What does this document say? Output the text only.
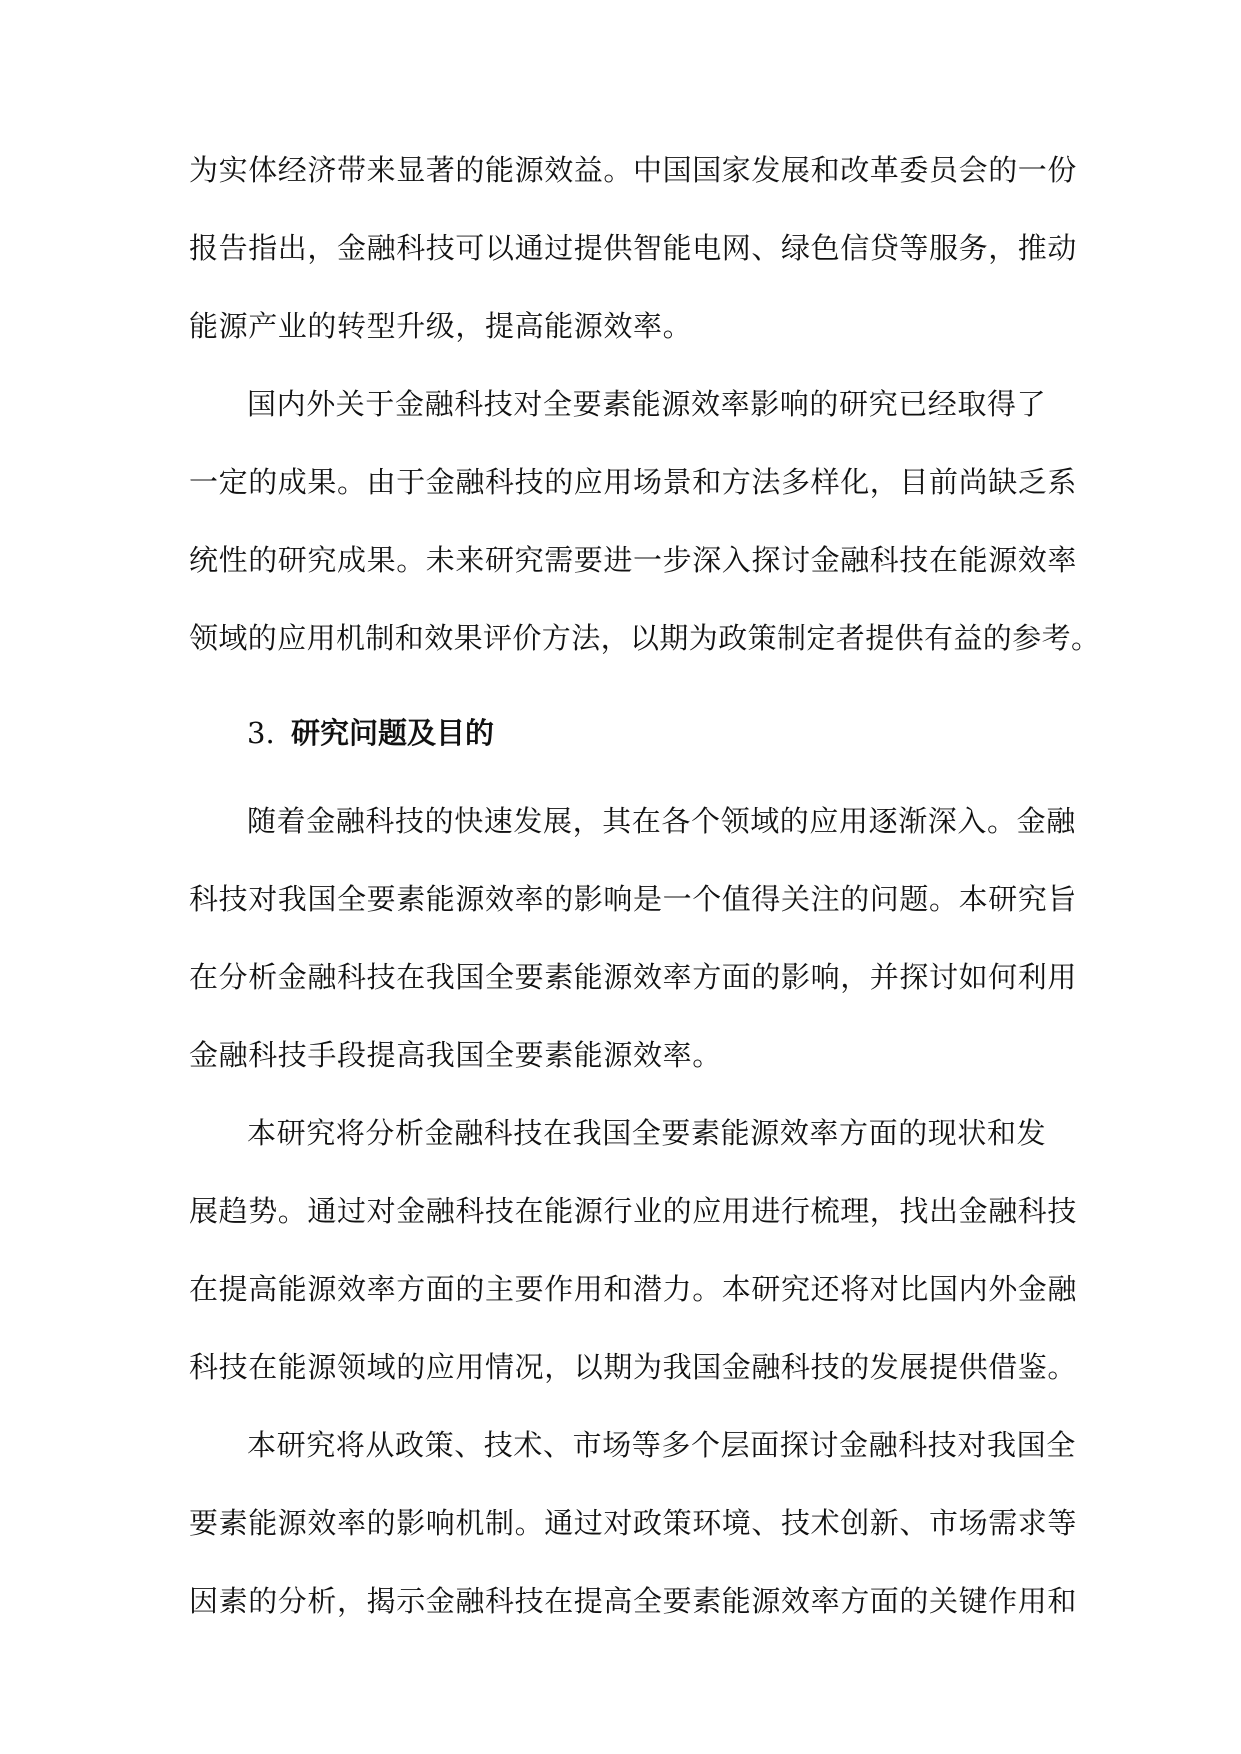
为实体经济带来显著的能源效益。中国国家发展和改革委员会的一份
报告指出，金融科技可以通过提供智能电网、绿色信贷等服务，推动
能源产业的转型升级，提高能源效率。
国内外关于金融科技对全要素能源效率影响的研究已经取得了
一定的成果。由于金融科技的应用场景和方法多样化，目前尚缺乏系
统性的研究成果。未来研究需要进一步深入探讨金融科技在能源效率
领域的应用机制和效果评价方法，以期为政策制定者提供有益的参考。
3. 研究问题及目的
随着金融科技的快速发展，其在各个领域的应用逐渐深入。金融
科技对我国全要素能源效率的影响是一个值得关注的问题。本研究旨
在分析金融科技在我国全要素能源效率方面的影响，并探讨如何利用
金融科技手段提高我国全要素能源效率。
本研究将分析金融科技在我国全要素能源效率方面的现状和发
展趋势。通过对金融科技在能源行业的应用进行梳理，找出金融科技
在提高能源效率方面的主要作用和潜力。本研究还将对比国内外金融
科技在能源领域的应用情况，以期为我国金融科技的发展提供借鉴。
本研究将从政策、技术、市场等多个层面探讨金融科技对我国全
要素能源效率的影响机制。通过对政策环境、技术创新、市场需求等
因素的分析，揭示金融科技在提高全要素能源效率方面的关键作用和
